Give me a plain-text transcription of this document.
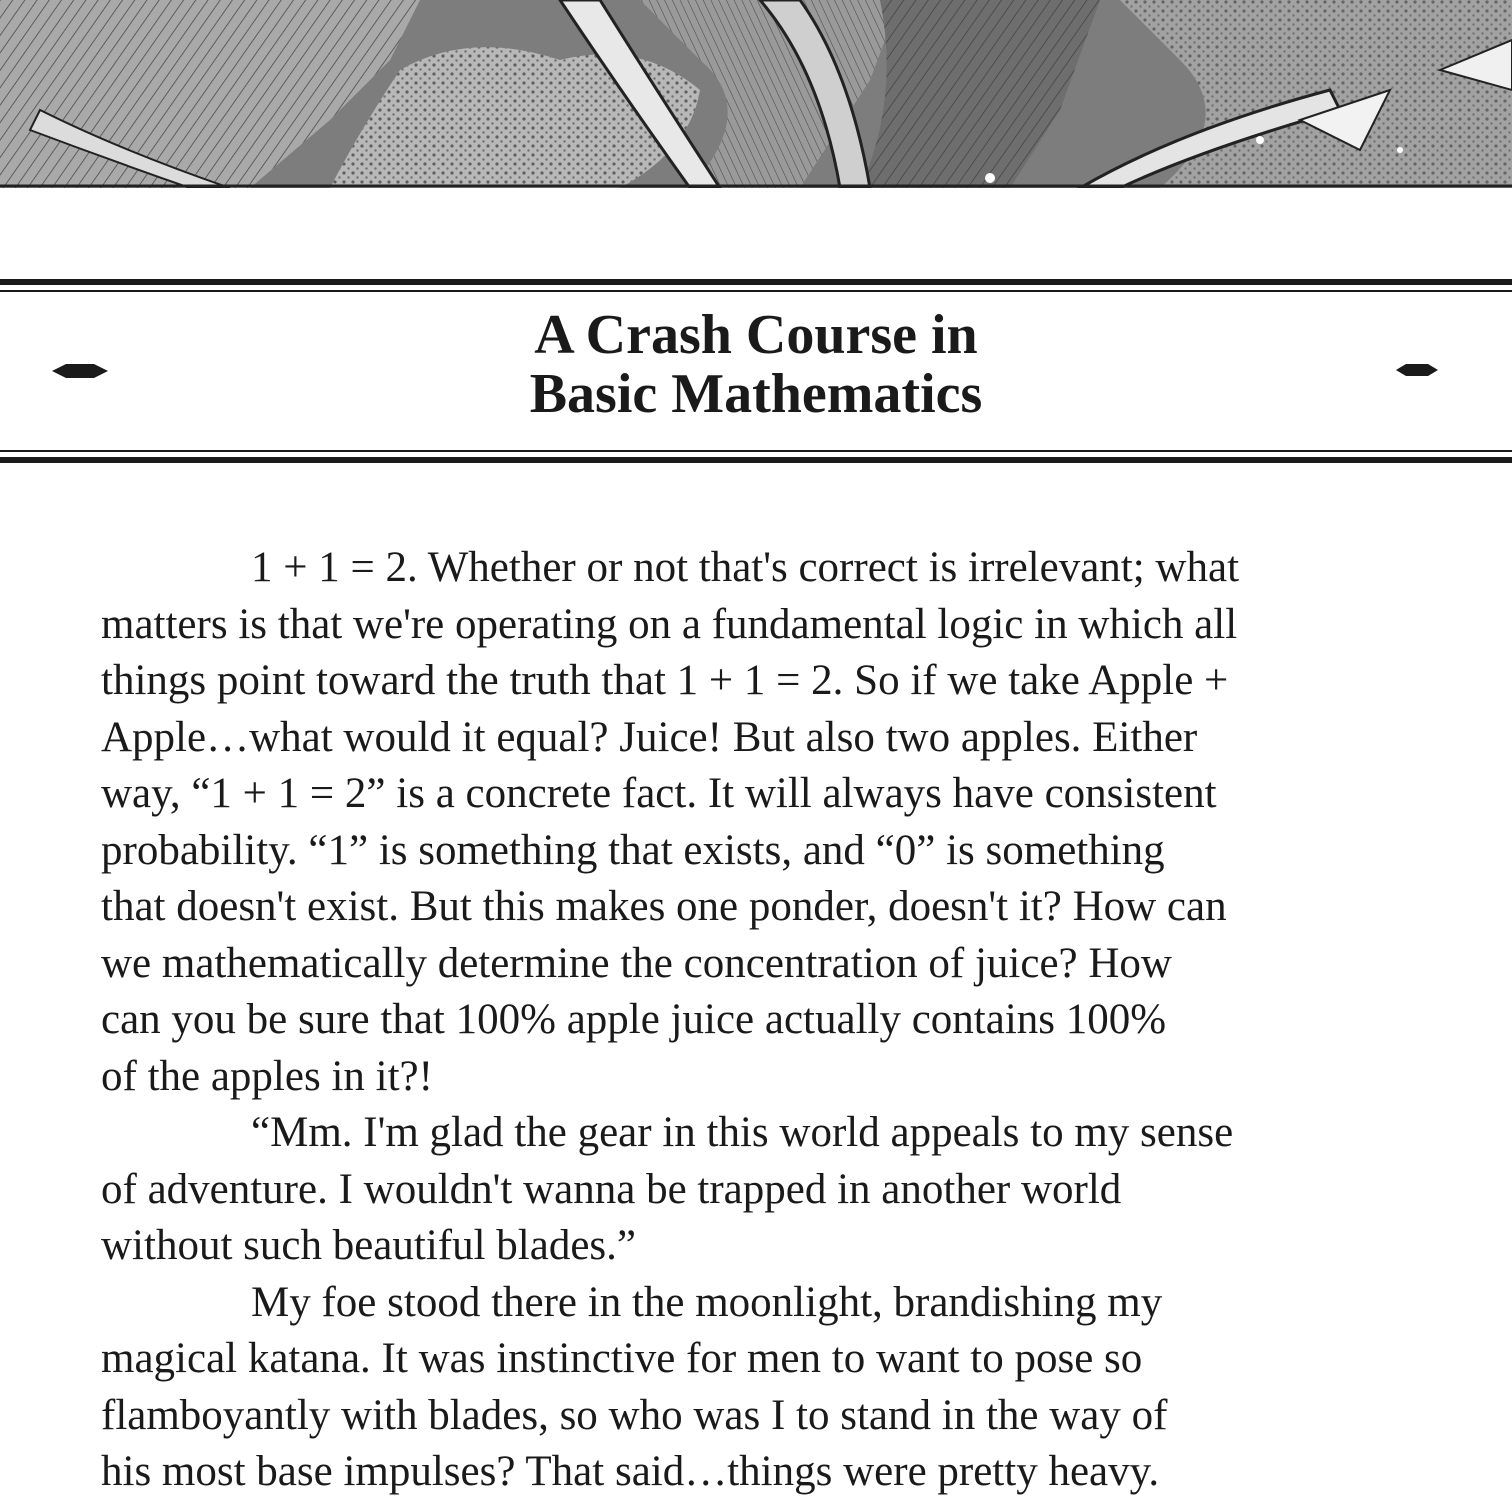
A Crash Course in
Basic Mathematics
1 + 1 = 2. Whether or not that's correct is irrelevant; what
matters is that we're operating on a fundamental logic in which all
things point toward the truth that 1 + 1 = 2. So if we take Apple +
Apple…what would it equal? Juice! But also two apples. Either
way, “1 + 1 = 2” is a concrete fact. It will always have consistent
probability. “1” is something that exists, and “0” is something
that doesn't exist. But this makes one ponder, doesn't it? How can
we mathematically determine the concentration of juice? How
can you be sure that 100% apple juice actually contains 100%
of the apples in it?!
“Mm. I'm glad the gear in this world appeals to my sense
of adventure. I wouldn't wanna be trapped in another world
without such beautiful blades.”
My foe stood there in the moonlight, brandishing my
magical katana. It was instinctive for men to want to pose so
flamboyantly with blades, so who was I to stand in the way of
his most base impulses? That said…things were pretty heavy.
